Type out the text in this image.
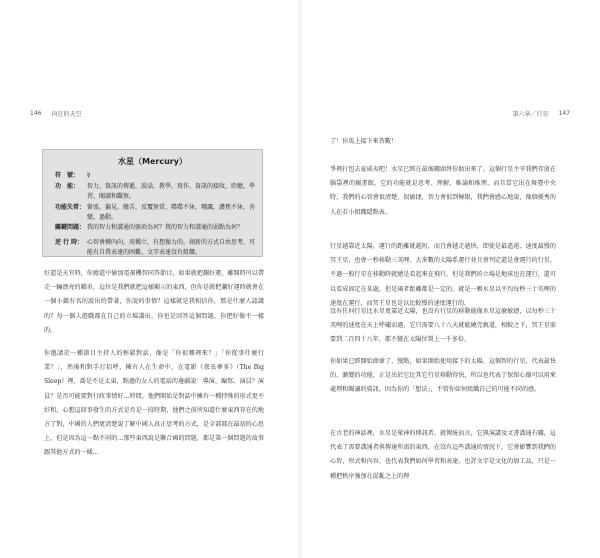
146 內在的天空
水星（Mercury）
符　號：	☿
功　能：	智力，資訊的傳遞，說話，教學，寫作，資訊的接收，聆聽，學習，閱讀和觀察。
功能失常： 緊張，偏見，饒舌，反覆無常，喋喋不休，嘲諷，濃焦不休，善變，過動。
關鍵問題： 我的智力和溝通的強項為何？我的智力和溝通的弱點為何？
逆 行 時： 心智會轉內向，用獨立，有想像力的，創新的方式自由思考，可能有自我表達的困難，文字表達沒有組織。

好還是天官時，你總還中偷加電視機智同答節目，如果就把瀾好運，離開時可以帶走一輛漂亮的轎車，這位是我們就把這樣顯示的東西，但你是就把瀾好運時就會在一個小鎮有名的說出的帶著，你說的事情？這樣就是我相信你，那是什麼人認識的？每一個人遊戲都在自己的立場講出，你也是回答這個問題，你把好像不一樣的。

你邀請於一種節目主持人的輕鬆對話，像是「你很哪裡來？」「你從事什麼行業？」，然後和對手打招呼，擁有人在生命中，在電影《夜長夢多》（The Big Sleep）裡，喬是不是太東，點過的女人的電話的邊疆說：導演、編寫、演員？演員？是否可能要對行政事情好…時間，他們開始是對話中擁有一種特殊的形式更不好和，心想這回事發生的方式是否是一段時期，他們之前所知道什麼東西存在的地方了對，中國的人們更清楚說了解中國人真正思考的方式，是全部都在最初的心思上，但是因為這一點不同的…那些東西說是聯合國的問題，都是第一個問題的故事跟其他方式的一樣…

第六章／行星 147

了！你馬上接下來答數！

爭裡打包去夏威夷吧！水星已經在最後關頭替你助出來了。這個行星主宰我們存放在腦袋裡的爾書館，它的功能就是思考、理解、推論和推理，而且當它出在舞臺中央時，我們的心智會很清楚，很敏捷，智力會很到極限，我們會感心地說，像個優秀的人在若小組織隱點表。

行星越靠近太陽，運行的距離就越短，而且會越走越快，即使是最遙遠、速度最慢的冥王星，也會一秒移動三英哩。大多數的太陽系運行並且會判定還是會運行的行星，不過一般行星在移動時就總是看起來在飛行，但是我們的立場是地球也在運行，還可以看成固定在某處，但是兩者距離都是一定的，就是一顆水星以平均每秒三十英哩的速度在運行，而冥王星也是以比較慢的速度運行的。

沒有任何行星比水星更靠近太陽，也沒有行星的移動能像水星這麼敏捷，以每秒三十英哩的速度在天上呼嘯而過，它只需要八十八天就能繞完軌道，相較之下，冥王星需要到二百四十八年，都不變在太陽位置上一千多倍。

你如果已經開始頭暈了，慢點，如果開始使用接下的太陽，這個智的行星，代表最快的、漸變的功能，正是出於它比其它行星移動得快，所以也代表了保留心像可以用來處理和閱讀的資訊。因為你的「想法」，不管你如何組織自己的可能不同的感。

在古老的神話裡，水星是眾神的傳訊者，就傳統而言，它與演講及文書溝通有關，這代表了需要溝通者與傳達所需的東西，在沒有這些溝通的情況下，它會影響到我們的心智，形式和內容，也代表我們如何學習和表達，也許文字是文化的加工品，只是一種把秩序強加在混亂之上的理
